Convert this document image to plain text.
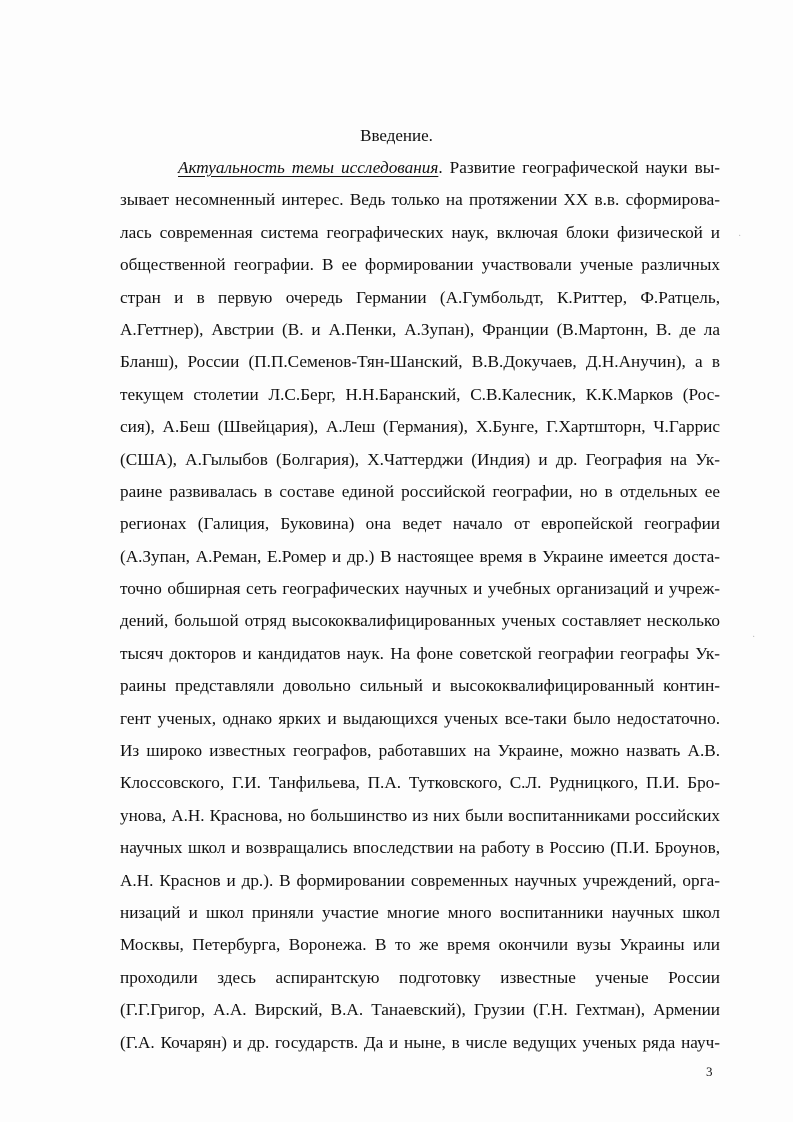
Введение.
Актуальность темы исследования. Развитие географической науки вы-
зывает несомненный интерес. Ведь только на протяжении XX в.в. сформирова-
лась современная система географических наук, включая блоки физической и
общественной географии. В ее формировании участвовали ученые различных
стран и в первую очередь Германии (А.Гумбольдт, К.Риттер, Ф.Ратцель,
А.Геттнер), Австрии (В. и А.Пенки, А.Зупан), Франции (В.Мартонн, В. де ла
Бланш), России (П.П.Семенов-Тян-Шанский, В.В.Докучаев, Д.Н.Анучин), а в
текущем столетии Л.С.Берг, Н.Н.Баранский, С.В.Калесник, К.К.Марков (Рос-
сия), А.Беш (Швейцария), А.Леш (Германия), Х.Бунге, Г.Хартшторн, Ч.Гаррис
(США), А.Гылыбов (Болгария), Х.Чаттерджи (Индия) и др. География на Ук-
раине развивалась в составе единой российской географии, но в отдельных ее
регионах (Галиция, Буковина) она ведет начало от европейской географии
(А.Зупан, А.Реман, Е.Ромер и др.) В настоящее время в Украине имеется доста-
точно обширная сеть географических научных и учебных организаций и учреж-
дений, большой отряд высококвалифицированных ученых составляет несколько
тысяч докторов и кандидатов наук. На фоне советской географии географы Ук-
раины представляли довольно сильный и высококвалифицированный контин-
гент ученых, однако ярких и выдающихся ученых все-таки было недостаточно.
Из широко известных географов, работавших на Украине, можно назвать А.В.
Клоссовского, Г.И. Танфильева, П.А. Тутковского, С.Л. Рудницкого, П.И. Бро-
унова, А.Н. Краснова, но большинство из них были воспитанниками российских
научных школ и возвращались впоследствии на работу в Россию (П.И. Броунов,
А.Н. Краснов и др.). В формировании современных научных учреждений, орга-
низаций и школ приняли участие многие много воспитанники научных школ
Москвы, Петербурга, Воронежа. В то же время окончили вузы Украины или
проходили здесь аспирантскую подготовку известные ученые России
(Г.Г.Григор, А.А. Вирский, В.А. Танаевский), Грузии (Г.Н. Гехтман), Армении
(Г.А. Кочарян) и др. государств. Да и ныне, в числе ведущих ученых ряда науч-
3
·
·
